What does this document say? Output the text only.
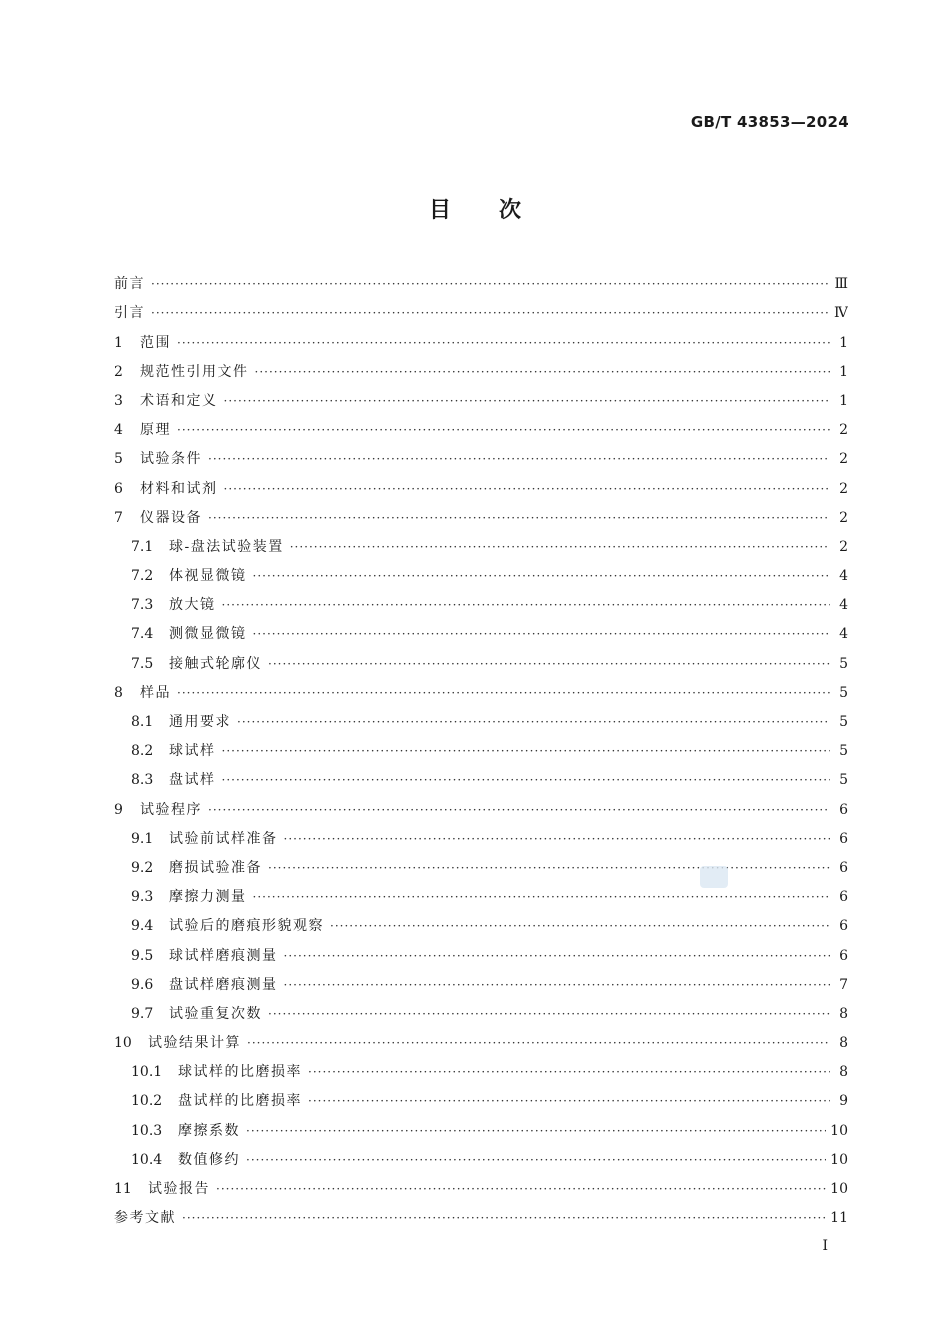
GB/T 43853—2024
目次
前言 ·····	Ⅲ
引言 ·····	Ⅳ
1	范围 ·····	1
2	规范性引用文件 ·····	1
3	术语和定义 ·····	1
4	原理 ·····	2
5	试验条件 ·····	2
6	材料和试剂 ·····	2
7	仪器设备 ·····	2
7.1	球-盘法试验装置 ·····	2
7.2	体视显微镜 ·····	4
7.3	放大镜 ·····	4
7.4	测微显微镜 ·····	4
7.5	接触式轮廓仪 ·····	5
8	样品 ·····	5
8.1	通用要求 ·····	5
8.2	球试样 ·····	5
8.3	盘试样 ·····	5
9	试验程序 ·····	6
9.1	试验前试样准备 ·····	6
9.2	磨损试验准备 ·····	6
9.3	摩擦力测量 ·····	6
9.4	试验后的磨痕形貌观察 ·····	6
9.5	球试样磨痕测量 ·····	6
9.6	盘试样磨痕测量 ·····	7
9.7	试验重复次数 ·····	8
10	试验结果计算 ·····	8
10.1	球试样的比磨损率 ·····	8
10.2	盘试样的比磨损率 ·····	9
10.3	摩擦系数 ·····	10
10.4	数值修约 ·····	10
11	试验报告 ·····	10
参考文献 ·····	11
I
